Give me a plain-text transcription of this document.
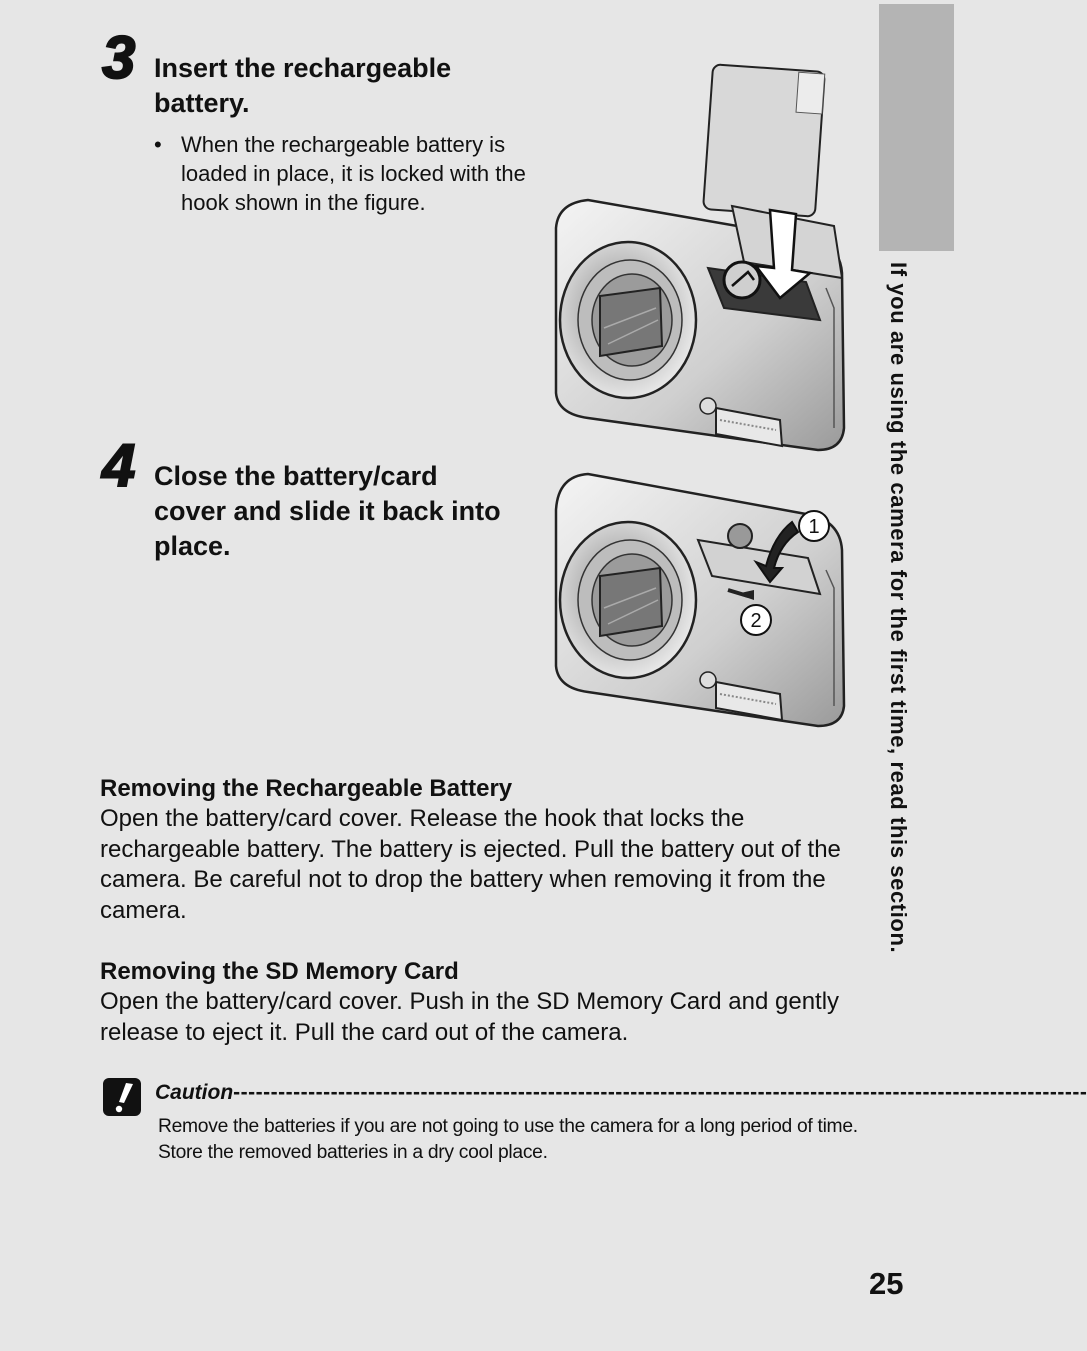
If you are using the camera for the first time, read this section.
3 Insert the rechargeable
battery.
• When the rechargeable battery is loaded in place, it is locked with the hook shown in the figure.
4 Close the battery/card
cover and slide it back into
place.
1
2
Removing the Rechargeable Battery

Open the battery/card cover. Release the hook that locks the rechargeable battery. The battery is ejected. Pull the battery out of the camera. Be careful not to drop the battery when removing it from the camera.

Removing the SD Memory Card

Open the battery/card cover. Push in the SD Memory Card and gently release to eject it. Pull the card out of the camera.

Caution------------------------------------------------------------------------------------------------------------------
Remove the batteries if you are not going to use the camera for a long period of time. Store the removed batteries in a dry cool place.
25
